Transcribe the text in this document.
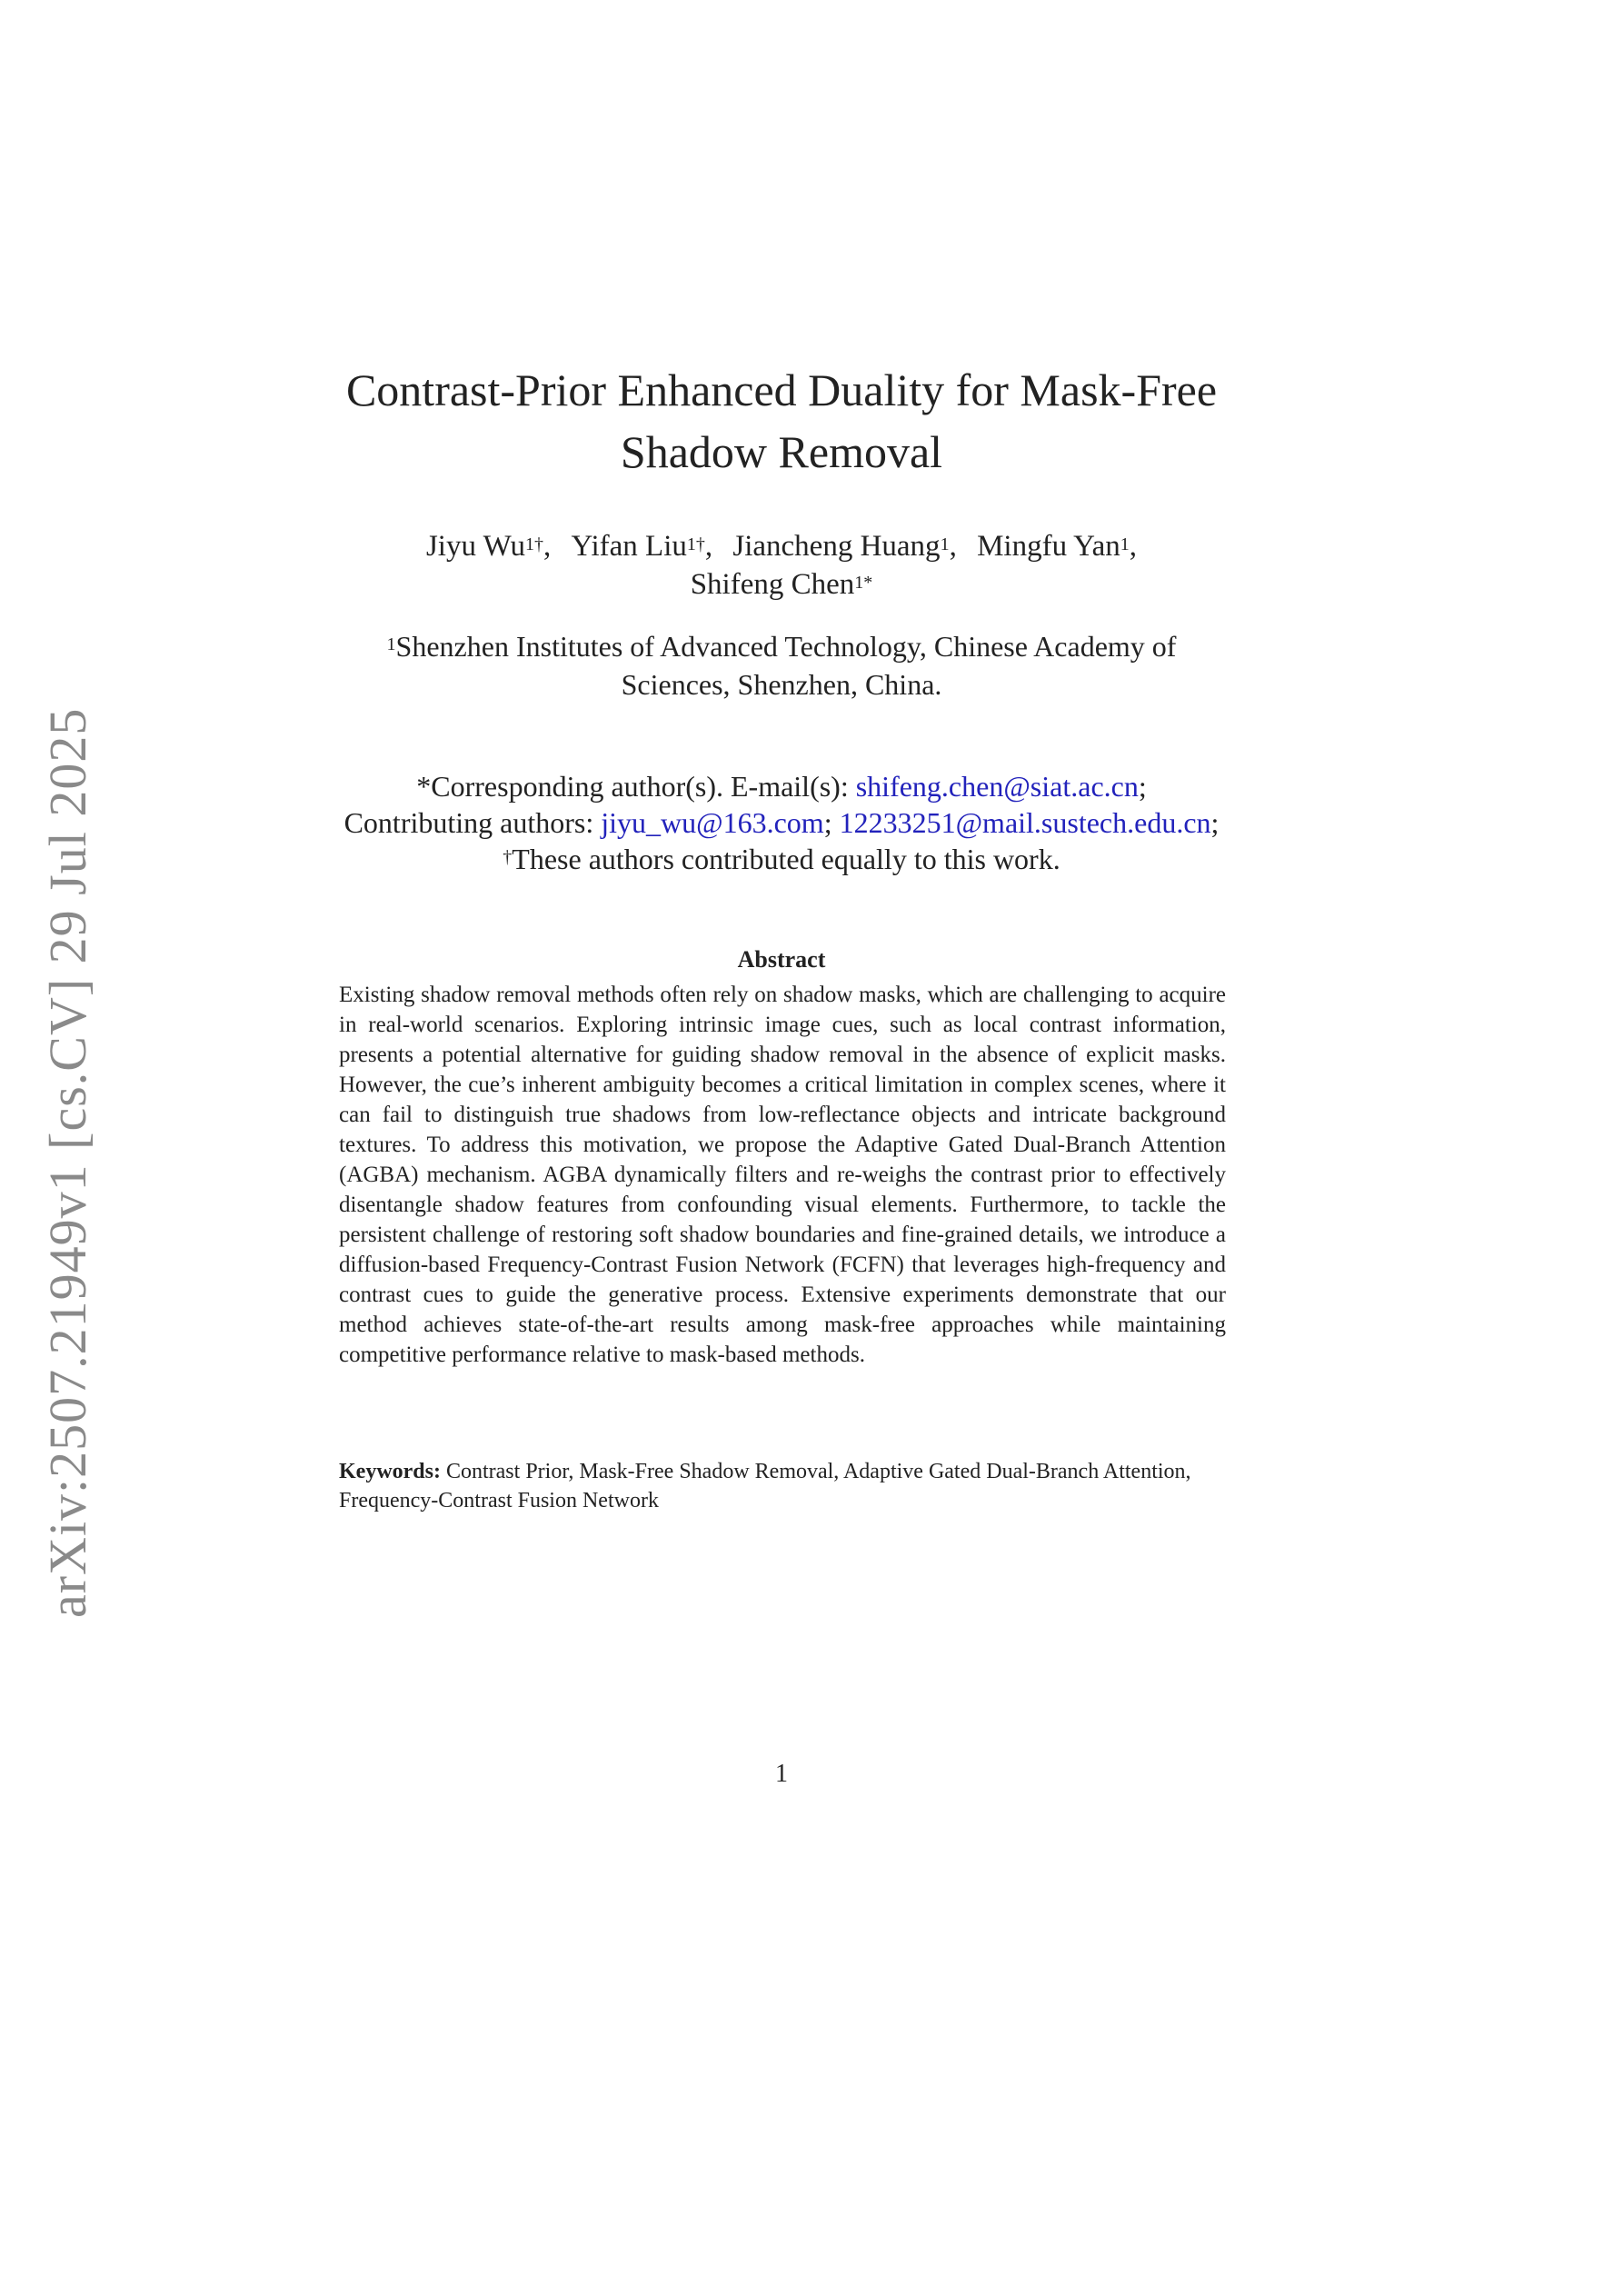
arXiv:2507.21949v1 [cs.CV] 29 Jul 2025
Contrast-Prior Enhanced Duality for Mask-Free
Shadow Removal
Jiyu $Wu^{1\dagger}$, Yifan Liu$^{1\dagger}$, Jiancheng Huang$^1$, Mingfu Yan$^1$,
Shifeng Chen$^{1*}$
$^1$Shenzhen Institutes of Advanced Technology, Chinese Academy of
Sciences, Shenzhen, China.
*Corresponding author(s). E-mail(s): shifeng.chen@siat.ac.cn;
Contributing authors: jiyu_wu@163.com; 12233251@mail.sustech.edu.cn;
†These authors contributed equally to this work.
Abstract
Existing shadow removal methods often rely on shadow masks, which are challenging to acquire in real-world scenarios. Exploring intrinsic image cues, such as local contrast information, presents a potential alternative for guiding shadow removal in the absence of explicit masks. However, the cue’s inherent ambiguity becomes a critical limitation in complex scenes, where it can fail to distinguish true shadows from low-reflectance objects and intricate background textures. To address this motivation, we propose the Adaptive Gated Dual-Branch Attention (AGBA) mechanism. AGBA dynamically filters and re-weighs the contrast prior to effectively disentangle shadow features from confounding visual elements. Furthermore, to tackle the persistent challenge of restoring soft shadow boundaries and fine-grained details, we introduce a diffusion-based Frequency-Contrast Fusion Network (FCFN) that leverages high-frequency and contrast cues to guide the generative process. Extensive experiments demonstrate that our method achieves state-of-the-art results among mask-free approaches while maintaining competitive performance relative to mask-based methods.
Keywords: Contrast Prior, Mask-Free Shadow Removal, Adaptive Gated Dual-Branch Attention, Frequency-Contrast Fusion Network
1
